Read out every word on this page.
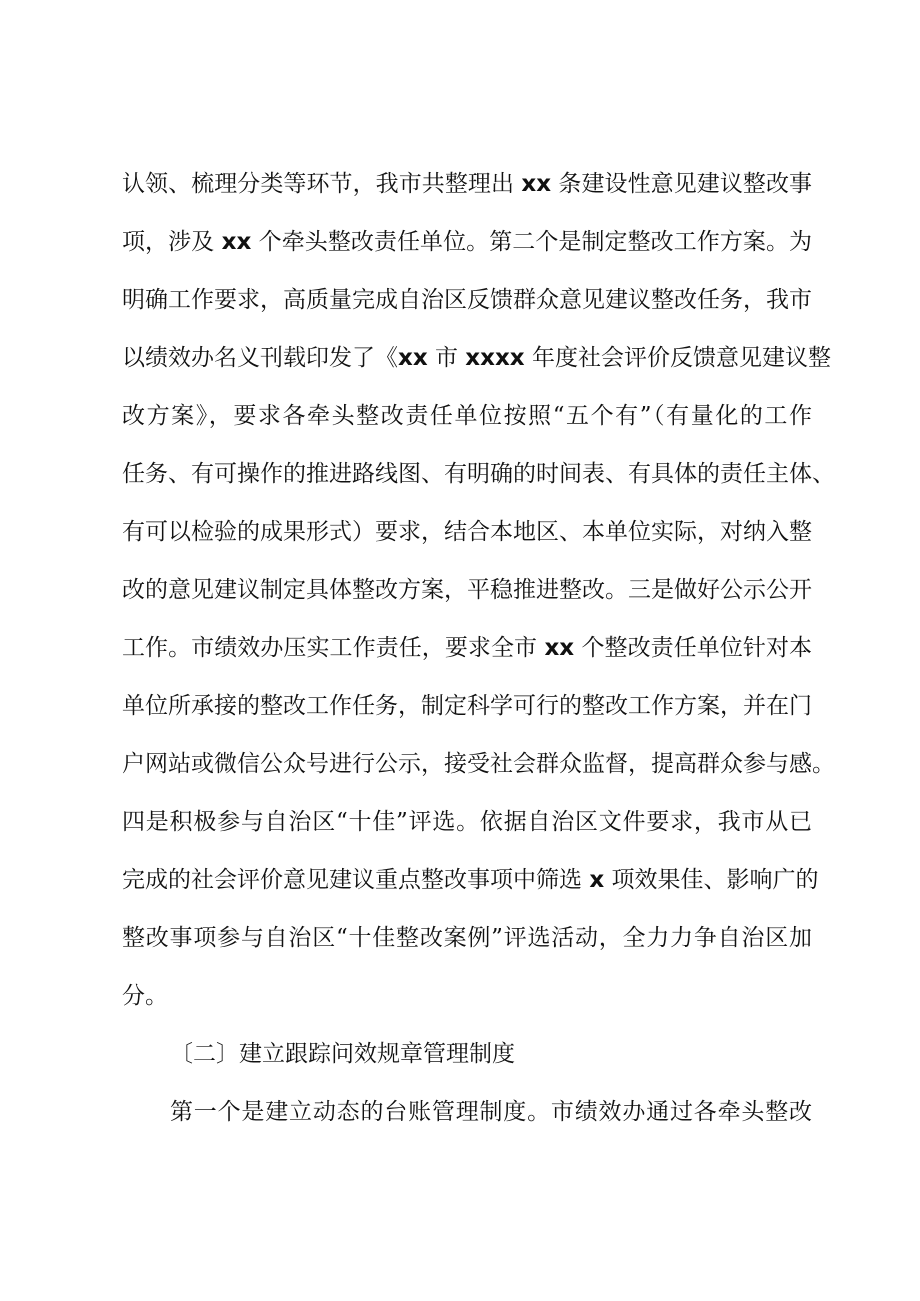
认领、梳理分类等环节，我市共整理出 xx 条建设性意见建议整改事
项，涉及 xx 个牵头整改责任单位。第二个是制定整改工作方案。为
明确工作要求，高质量完成自治区反馈群众意见建议整改任务，我市
以绩效办名义刊载印发了《xx 市 xxxx 年度社会评价反馈意见建议整
改方案》，要求各牵头整改责任单位按照“五个有”（有量化的工作
任务、有可操作的推进路线图、有明确的时间表、有具体的责任主体、
有可以检验的成果形式）要求，结合本地区、本单位实际，对纳入整
改的意见建议制定具体整改方案，平稳推进整改。三是做好公示公开
工作。市绩效办压实工作责任，要求全市 xx 个整改责任单位针对本
单位所承接的整改工作任务，制定科学可行的整改工作方案，并在门
户网站或微信公众号进行公示，接受社会群众监督，提高群众参与感。
四是积极参与自治区“十佳”评选。依据自治区文件要求，我市从已
完成的社会评价意见建议重点整改事项中筛选 x 项效果佳、影响广的
整改事项参与自治区“十佳整改案例”评选活动，全力力争自治区加
分。
〔二〕建立跟踪问效规章管理制度
第一个是建立动态的台账管理制度。市绩效办通过各牵头整改
